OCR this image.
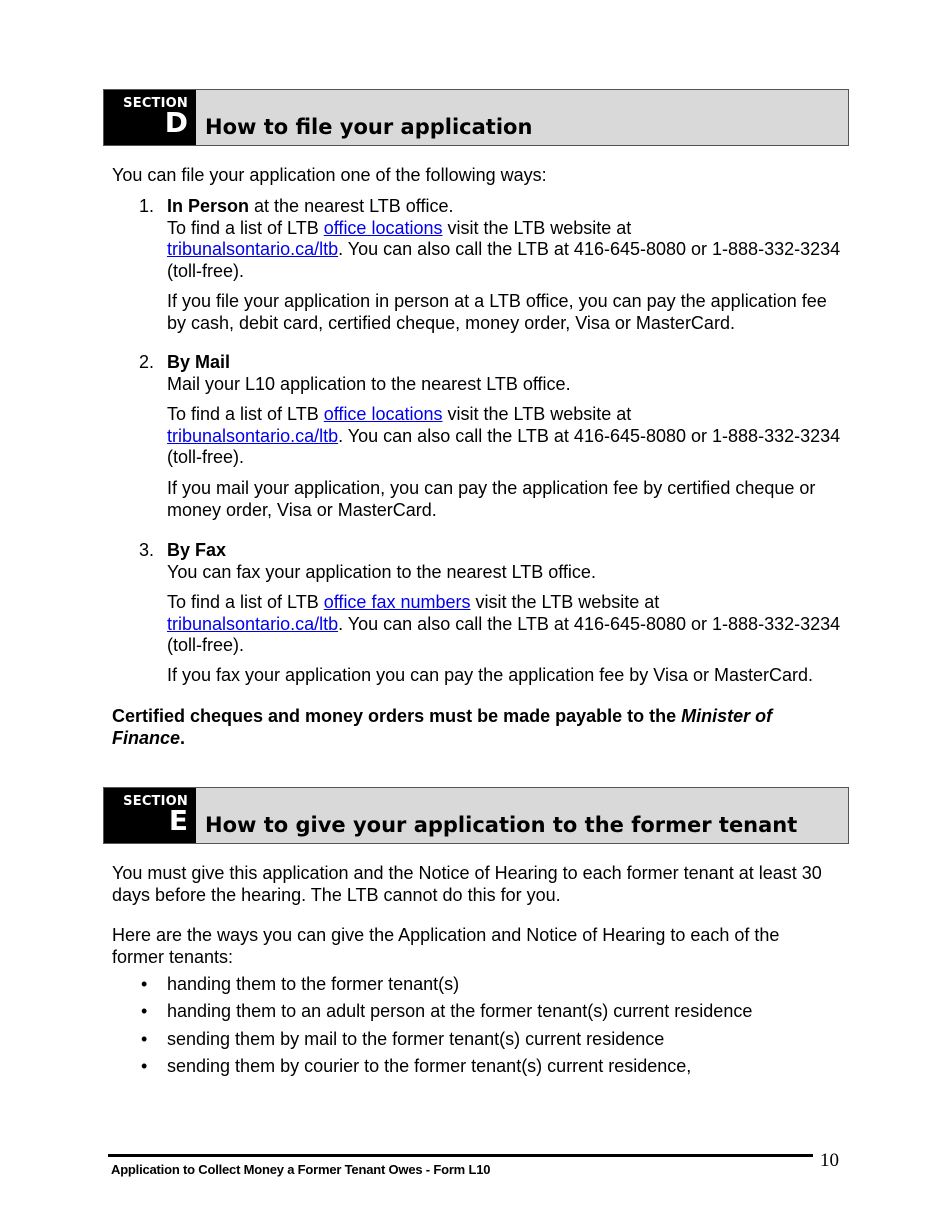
SECTION
D How to file your application
You can file your application one of the following ways:
1. In Person at the nearest LTB office.
To find a list of LTB office locations visit the LTB website at
tribunalsontario.ca/ltb. You can also call the LTB at 416-645-8080 or 1-888-332-3234 (toll-free).
If you file your application in person at a LTB office, you can pay the application fee by cash, debit card, certified cheque, money order, Visa or MasterCard.
2. By Mail
Mail your L10 application to the nearest LTB office.
To find a list of LTB office locations visit the LTB website at
tribunalsontario.ca/ltb. You can also call the LTB at 416-645-8080 or 1-888-332-3234 (toll-free).
If you mail your application, you can pay the application fee by certified cheque or money order, Visa or MasterCard.
3. By Fax
You can fax your application to the nearest LTB office.
To find a list of LTB office fax numbers visit the LTB website at
tribunalsontario.ca/ltb. You can also call the LTB at 416-645-8080 or 1-888-332-3234 (toll-free).
If you fax your application you can pay the application fee by Visa or MasterCard.
Certified cheques and money orders must be made payable to the Minister of Finance.
SECTION
E How to give your application to the former tenant
You must give this application and the Notice of Hearing to each former tenant at least 30 days before the hearing. The LTB cannot do this for you.
Here are the ways you can give the Application and Notice of Hearing to each of the former tenants:
• handing them to the former tenant(s)
• handing them to an adult person at the former tenant(s) current residence
• sending them by mail to the former tenant(s) current residence
• sending them by courier to the former tenant(s) current residence,
Application to Collect Money a Former Tenant Owes - Form L10	10
